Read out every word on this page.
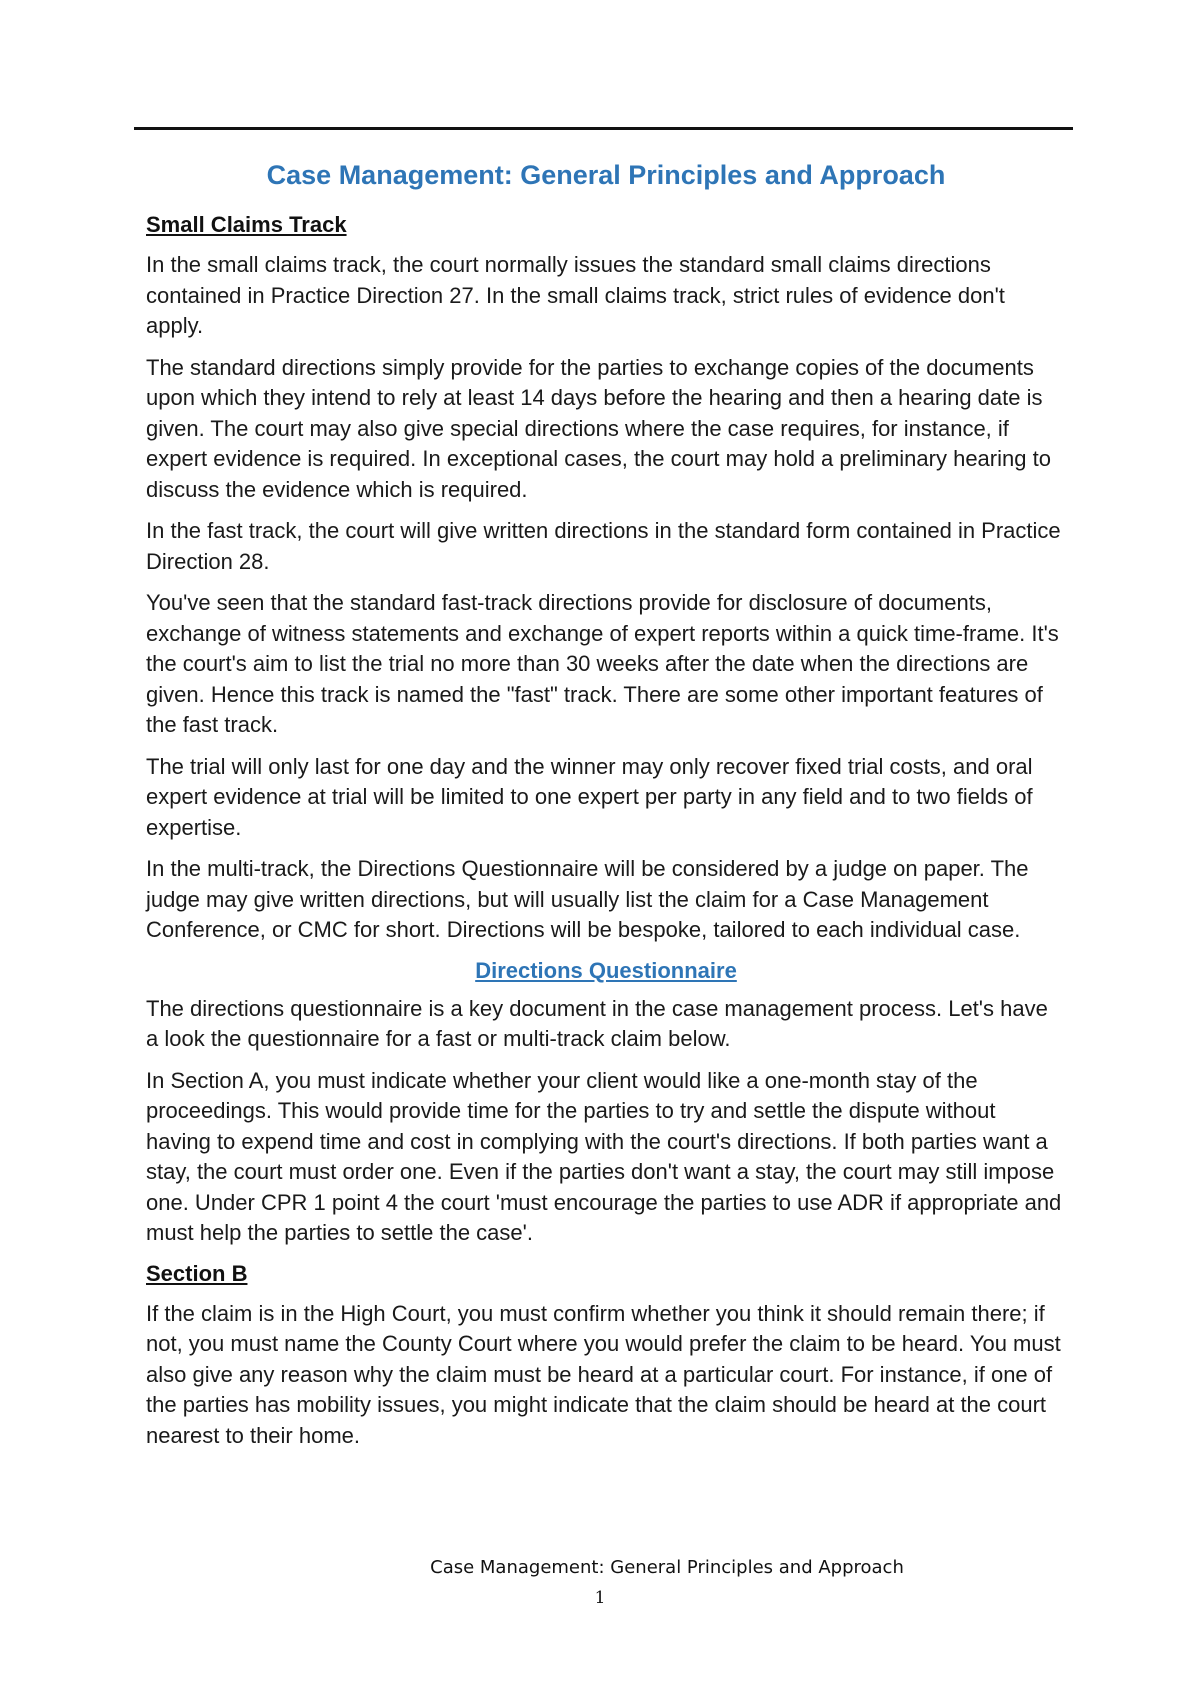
Case Management: General Principles and Approach
Small Claims Track

In the small claims track, the court normally issues the standard small claims directions contained in Practice Direction 27. In the small claims track, strict rules of evidence don't apply.

The standard directions simply provide for the parties to exchange copies of the documents upon which they intend to rely at least 14 days before the hearing and then a hearing date is given. The court may also give special directions where the case requires, for instance, if expert evidence is required. In exceptional cases, the court may hold a preliminary hearing to discuss the evidence which is required.

In the fast track, the court will give written directions in the standard form contained in Practice Direction 28.

You've seen that the standard fast-track directions provide for disclosure of documents, exchange of witness statements and exchange of expert reports within a quick time-frame. It's the court's aim to list the trial no more than 30 weeks after the date when the directions are given. Hence this track is named the "fast" track. There are some other important features of the fast track.

The trial will only last for one day and the winner may only recover fixed trial costs, and oral expert evidence at trial will be limited to one expert per party in any field and to two fields of expertise.

In the multi-track, the Directions Questionnaire will be considered by a judge on paper. The judge may give written directions, but will usually list the claim for a Case Management Conference, or CMC for short. Directions will be bespoke, tailored to each individual case.

Directions Questionnaire

The directions questionnaire is a key document in the case management process. Let's have a look the questionnaire for a fast or multi-track claim below.

In Section A, you must indicate whether your client would like a one-month stay of the proceedings. This would provide time for the parties to try and settle the dispute without having to expend time and cost in complying with the court's directions. If both parties want a stay, the court must order one. Even if the parties don't want a stay, the court may still impose one. Under CPR 1 point 4 the court 'must encourage the parties to use ADR if appropriate and must help the parties to settle the case'.

Section B

If the claim is in the High Court, you must confirm whether you think it should remain there; if not, you must name the County Court where you would prefer the claim to be heard. You must also give any reason why the claim must be heard at a particular court. For instance, if one of the parties has mobility issues, you might indicate that the claim should be heard at the court nearest to their home.

Case Management: General Principles and Approach
1
